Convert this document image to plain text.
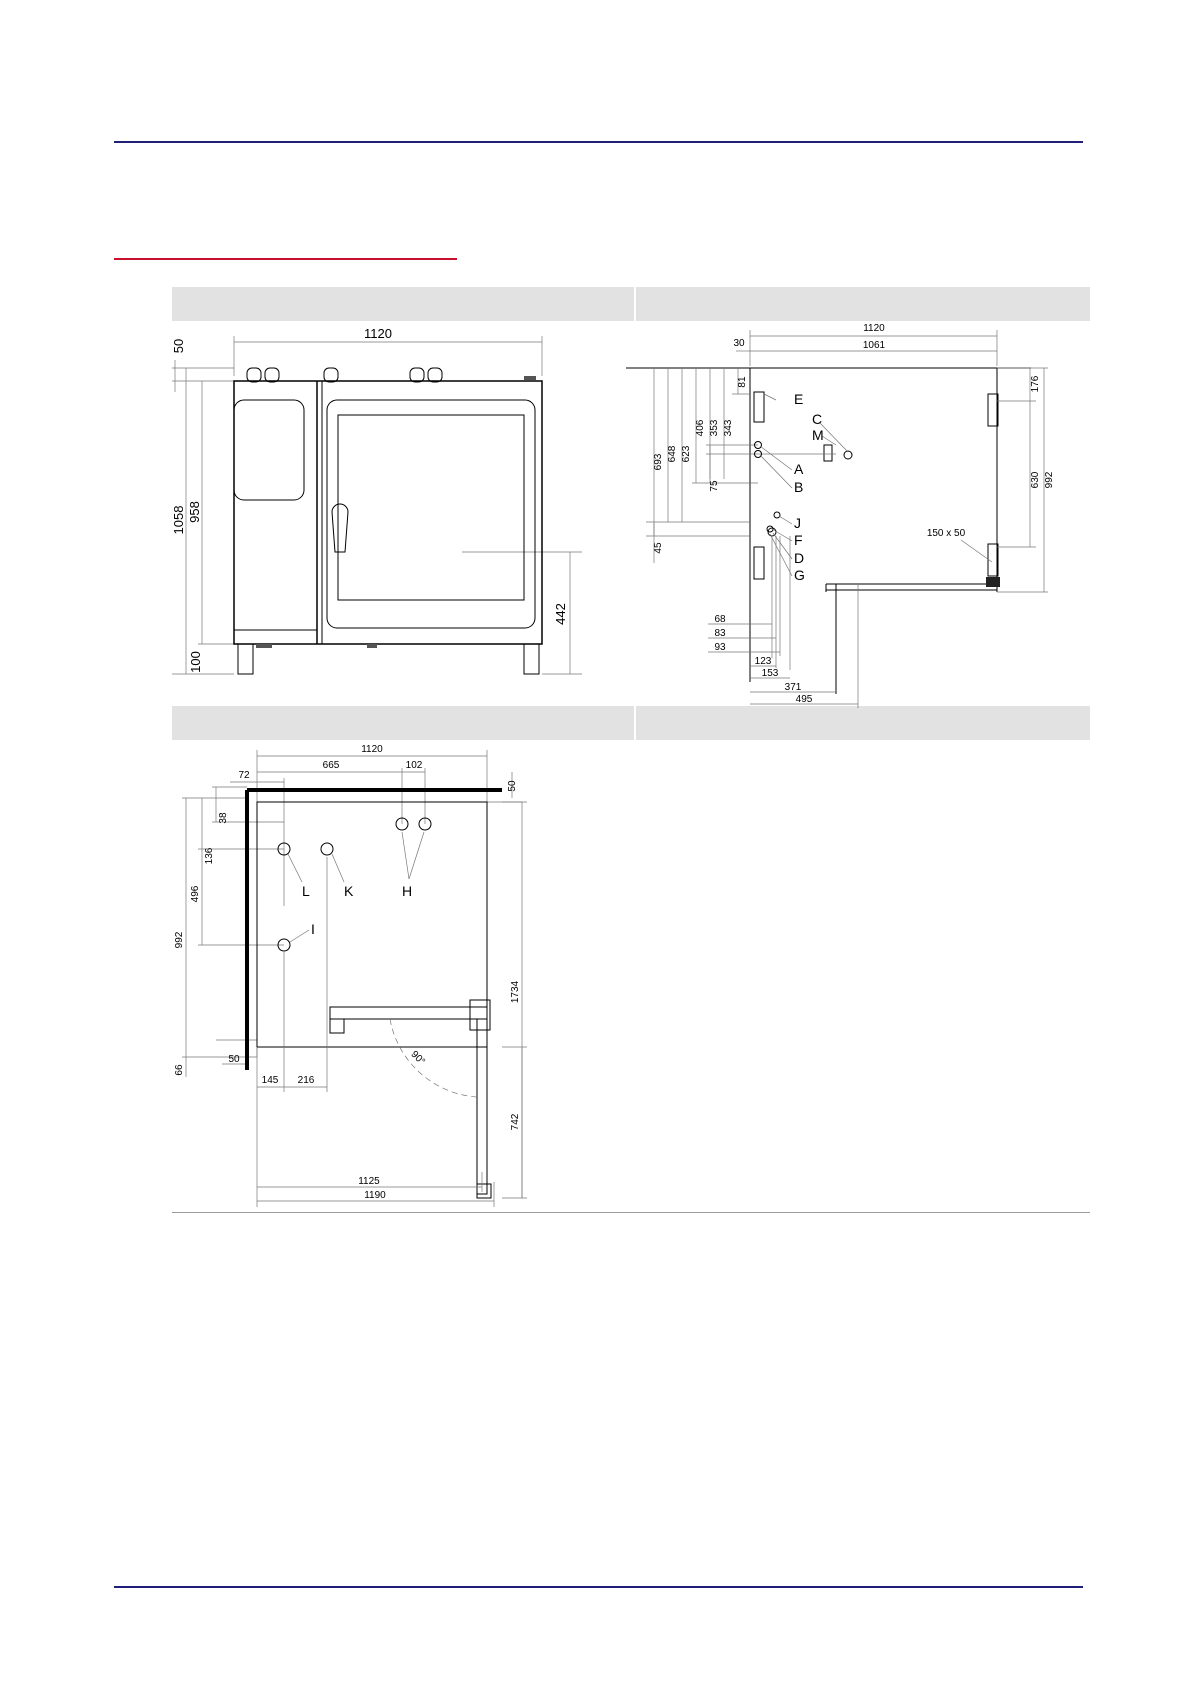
1120
50
1058 958
100
442
1120
1061
30
693 648 623
406 353 343
81
75
45
176
630 992
150 x 50
E
C
M
A
B
J
F
D
G
68
83
93
123
153
371
495
1120
665	102
72
50
38
136
496
992
66
50	90°
L K	H
I
145 216
1125
1190
1734
742
